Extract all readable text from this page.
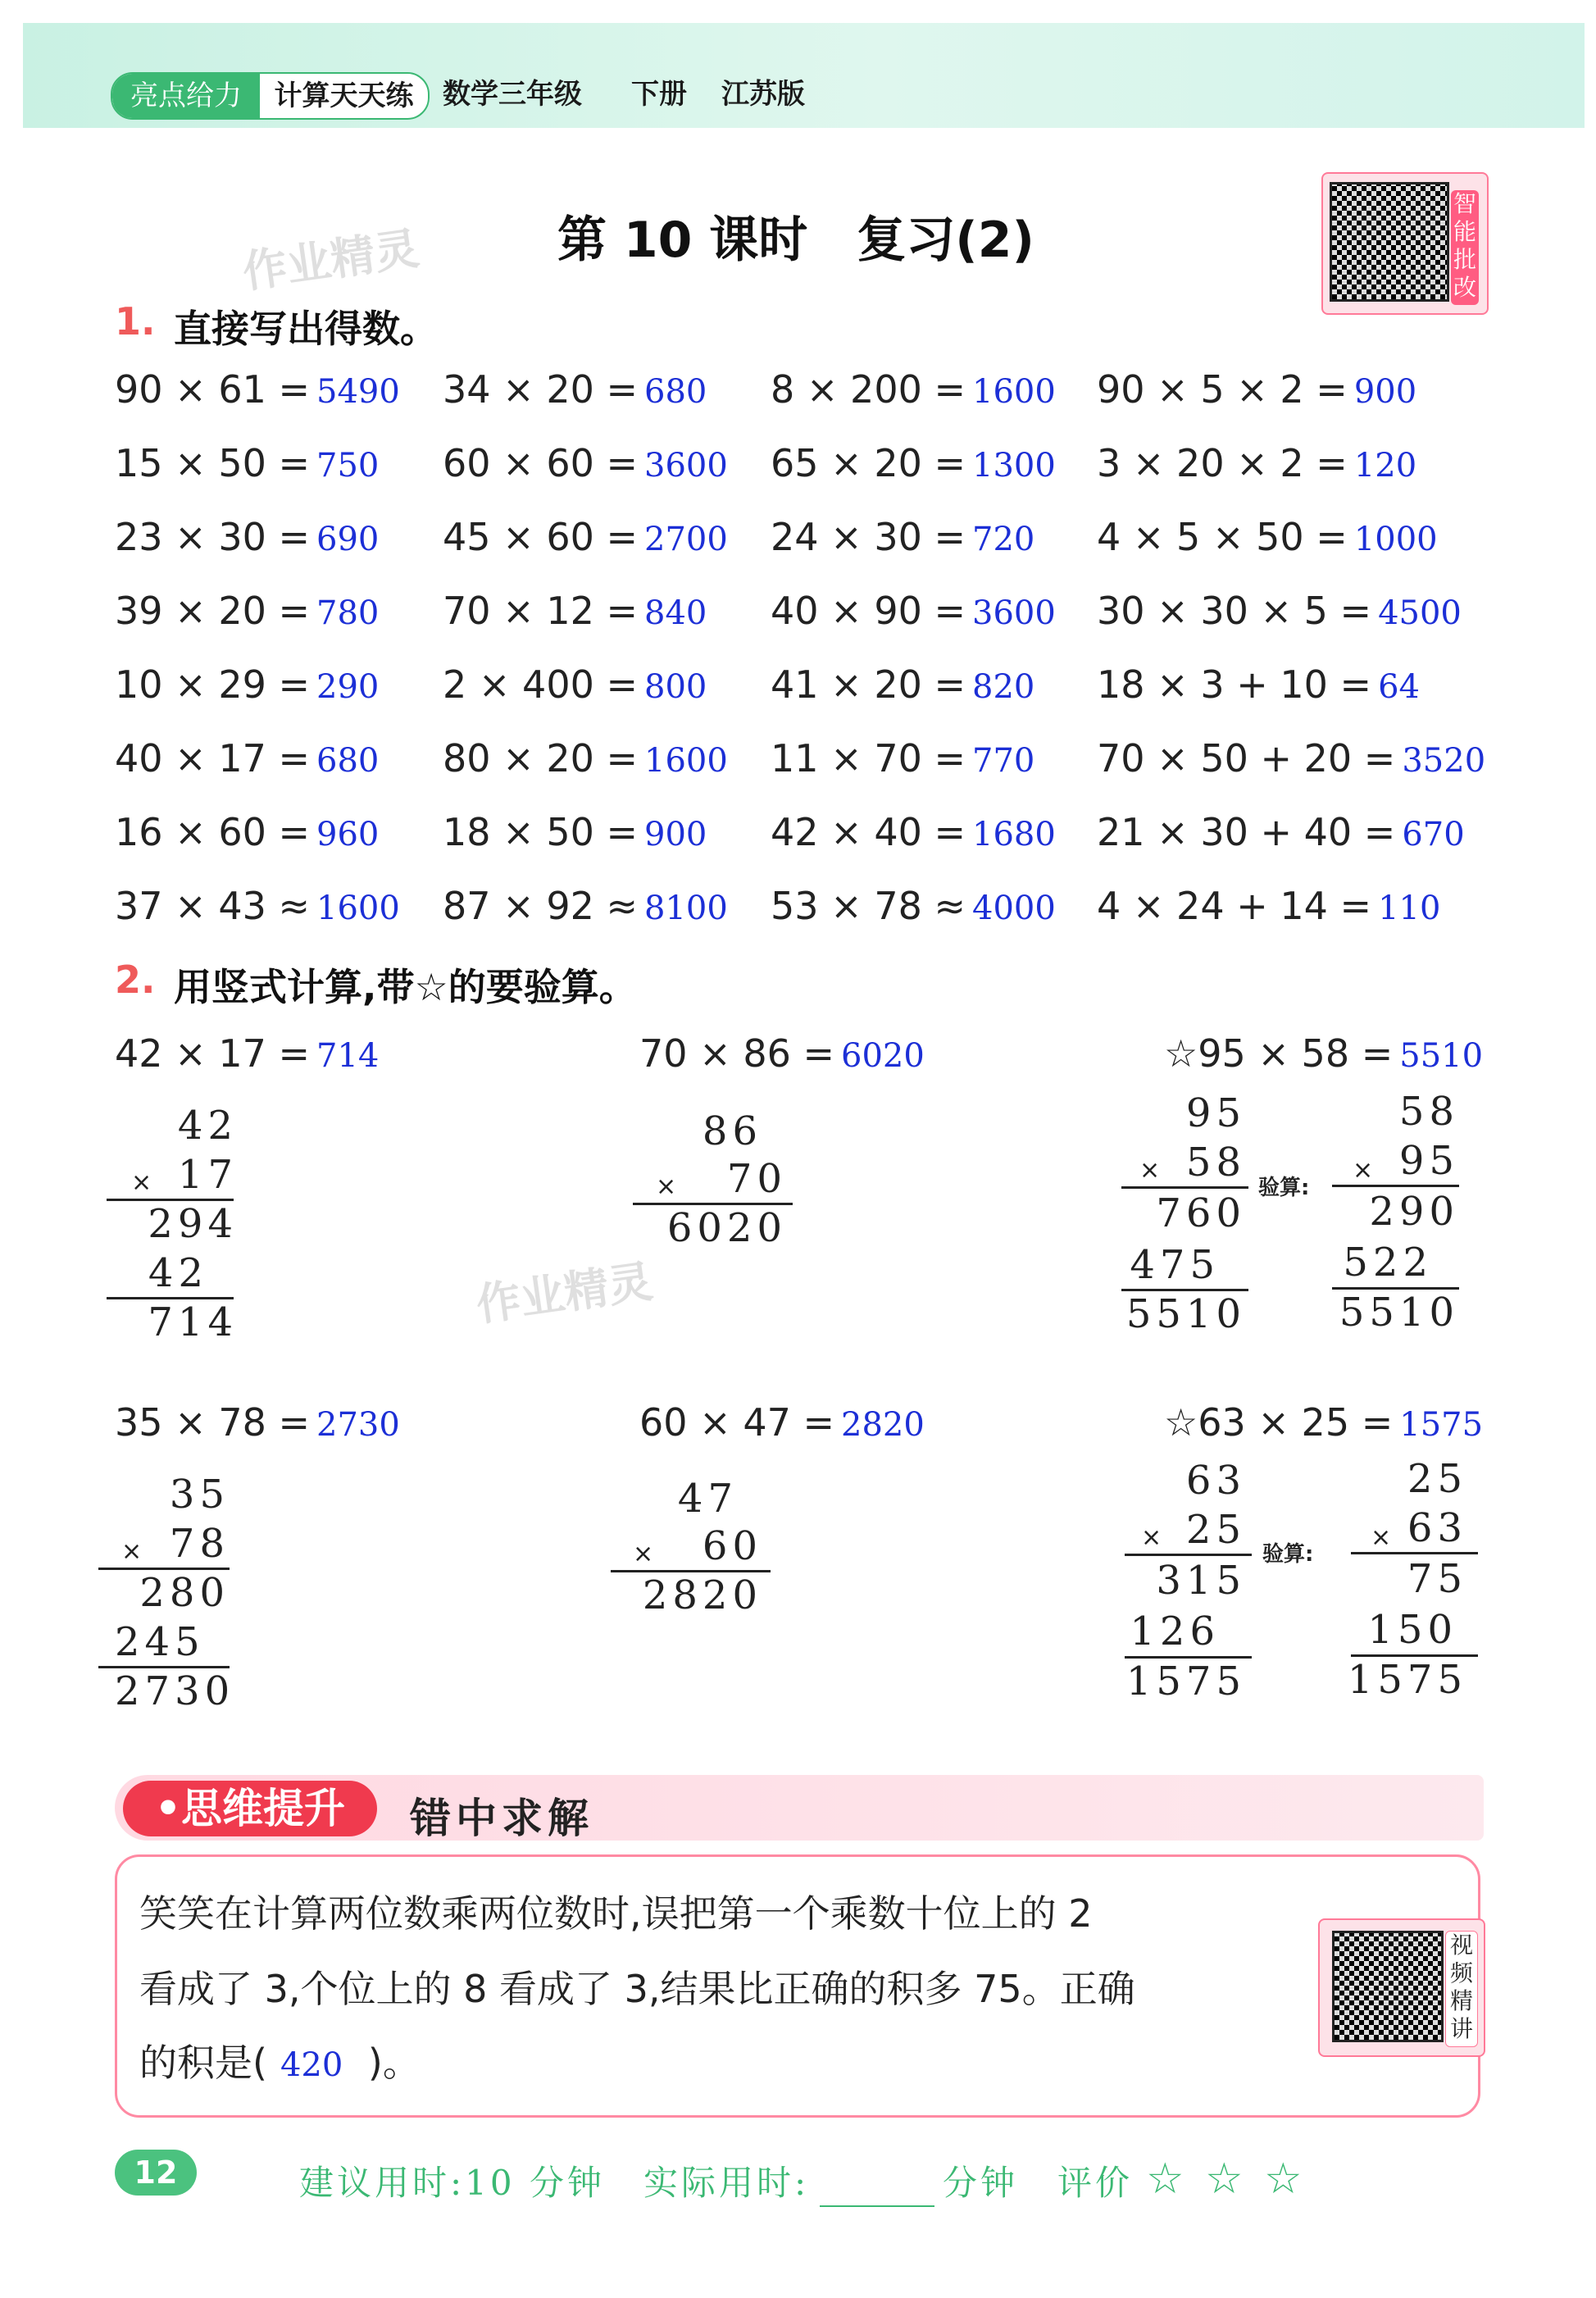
亮点给力	计算天天练	数学三年级 下册 江苏版
作业精灵	第 10 课时　复习(2)
智
能
批
改
1. 直接写出得数。
90 × 61 = 5490 34 × 20 = 680 8 × 200 = 1600 90 × 5 × 2 = 900
15 × 50 = 750 60 × 60 = 3600 65 × 20 = 1300 3 × 20 × 2 = 120
23 × 30 = 690 45 × 60 = 2700 24 × 30 = 720 4 × 5 × 50 = 1000
39 × 20 = 780 70 × 12 = 840 40 × 90 = 3600 30 × 30 × 5 = 4500
10 × 29 = 290 2 × 400 = 800 41 × 20 = 820 18 × 3 + 10 = 64
40 × 17 = 680 80 × 20 = 1600 11 × 70 = 770 70 × 50 + 20 = 3520
16 × 60 = 960 18 × 50 = 900 42 × 40 = 1680 21 × 30 + 40 = 670
37 × 43 ≈ 1600 87 × 92 ≈ 8100 53 × 78 ≈ 4000 4 × 24 + 14 = 110
2. 用竖式计算,带☆的要验算。
作业精灵
42 × 17 = 714	70 × 86 = 6020	☆95 × 58 = 5510
35 × 78 = 2730	60 × 47 = 2820	☆63 × 25 = 1575
42
× 17
294
42
714
86
×	70
6020
95
× 58
760
475
5510
验算:
58
× 95
290
522
5510
35
× 78
280
245
2730
47
×	60
2820
63
× 25
315
126
1575
验算:
25
× 63
75
150
1575
•思维提升	错中求解
笑笑在计算两位数乘两位数时,误把第一个乘数十位上的 2
看成了 3,个位上的 8 看成了 3,结果比正确的积多 75。正确
的积是( 420 )。
视
频
精
讲
12	建议用时:10 分钟 实际用时:	分钟 评价 ☆ ☆ ☆
